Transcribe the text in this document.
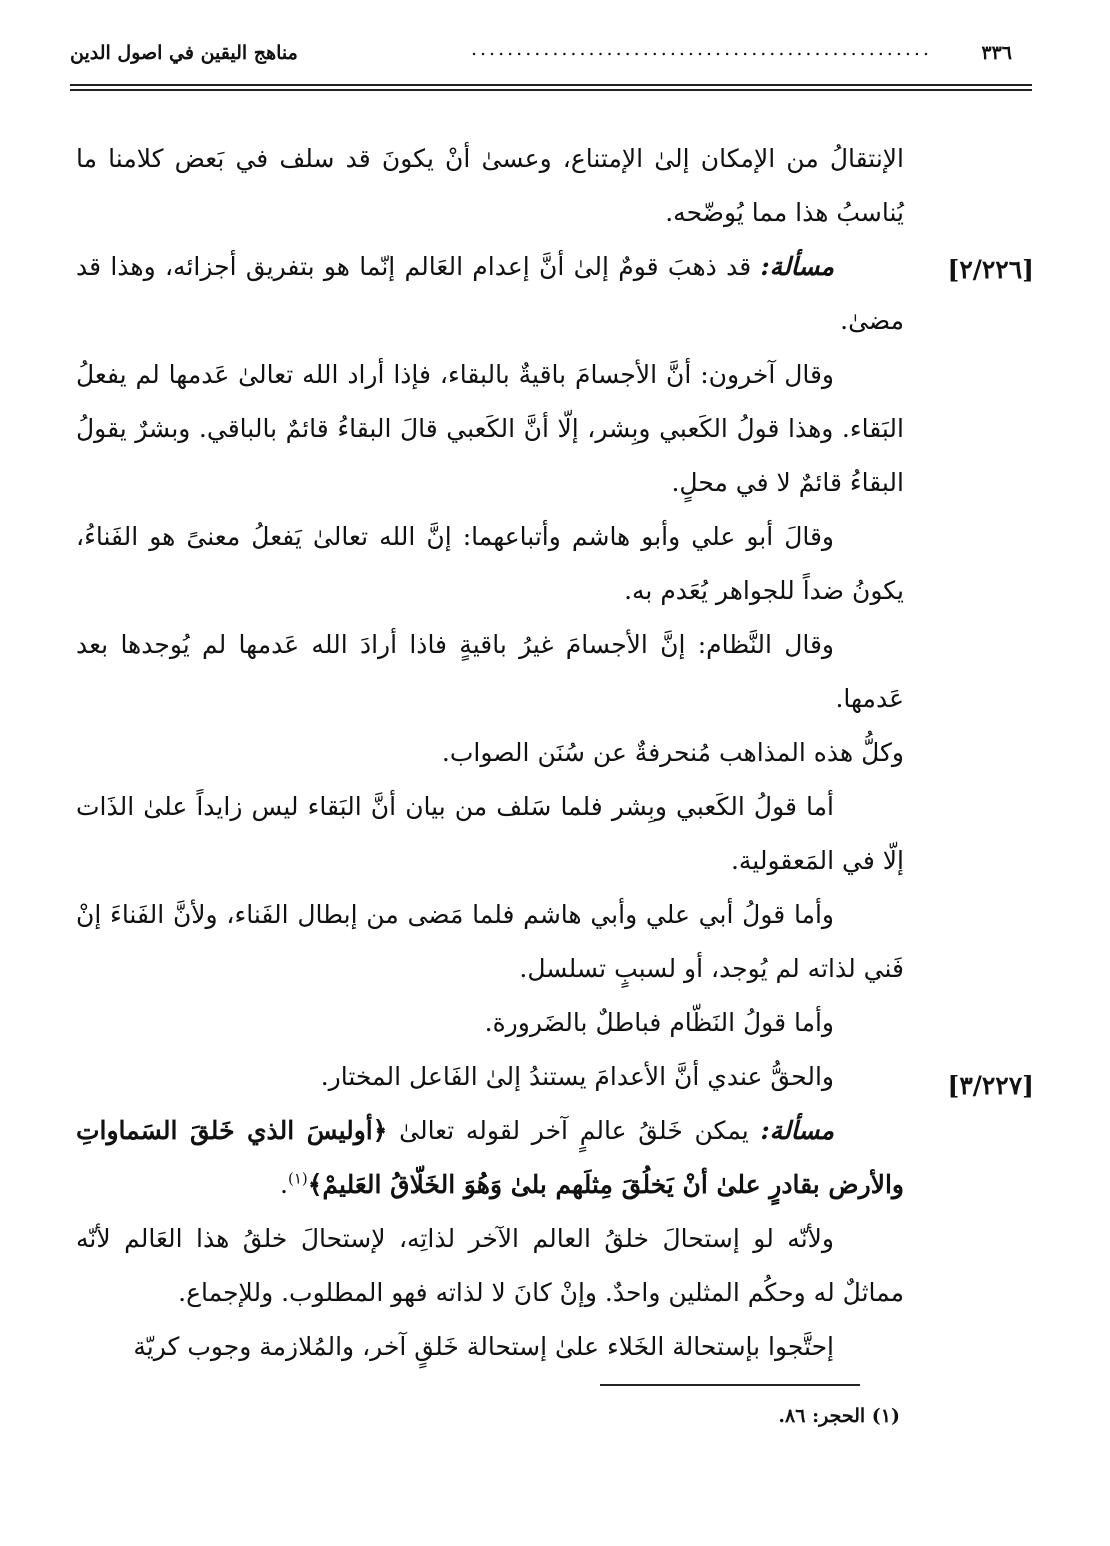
٣٣٦
...................................................
مناهج اليقين في اصول الدين
[٢/٢٢٦]
[٣/٢٢٧]

الإنتقالُ من الإمكان إلىٰ الإمتناع، وعسىٰ أنْ يكونَ قد سلف في بَعض كلامنا ما يُناسبُ هذا مما يُوضّحه.

مسألة: قد ذهبَ قومٌ إلىٰ أنَّ إعدام العَالم إنّما هو بتفريق أجزائه، وهذا قد مضىٰ.

وقال آخرون: أنَّ الأجسامَ باقيةٌ بالبقاء، فإذا أراد الله تعالىٰ عَدمها لم يفعلُ البَقاء. وهذا قولُ الكَعبي وبِشر، إلّا أنَّ الكَعبي قالَ البقاءُ قائمٌ بالباقي. وبشرٌ يقولُ البقاءُ قائمٌ لا في محلٍ.

وقالَ أبو علي وأبو هاشم وأتباعهما: إنَّ الله تعالىٰ يَفعلُ معنىً هو الفَناءُ، يكونُ ضداً للجواهر يُعَدم به.

وقال النَّظام: إنَّ الأجسامَ غيرُ باقيةٍ فاذا أرادَ الله عَدمها لم يُوجدها بعد عَدمها.

وكلُّ هذه المذاهب مُنحرفةٌ عن سُنَن الصواب.

أما قولُ الكَعبي وبِشر فلما سَلف من بيان أنَّ البَقاء ليس زايداً علىٰ الذَات إلّا في المَعقولية.

وأما قولُ أبي علي وأبي هاشم فلما مَضى من إبطال الفَناء، ولأنَّ الفَناءَ إنْ فَني لذاته لم يُوجد، أو لسببٍ تسلسل.

وأما قولُ النَظّام فباطلٌ بالضَرورة.

والحقُّ عندي أنَّ الأعدامَ يستندُ إلىٰ الفَاعل المختار.

مسألة: يمكن خَلقُ عالمٍ آخر لقوله تعالىٰ ﴿أوليسَ الذي خَلقَ السَماواتِ والأرض بقادرٍ علىٰ أنْ يَخلُقَ مِثلَهم بلىٰ وَهُوَ الخَلّاقُ العَليمْ﴾$^{(١)}$.

ولأنّه لو إستحالَ خلقُ العالم الآخر لذاتِه، لإستحالَ خلقُ هذا العَالم لأنّه مماثلٌ له وحكُم المثلين واحدٌ. وإنْ كانَ لا لذاته فهو المطلوب. وللإجماع.

إحتَّجوا بإستحالة الخَلاء علىٰ إستحالة خَلقٍ آخر، والمُلازمة وجوب كريّة

(١) الحجر: ٨٦.
